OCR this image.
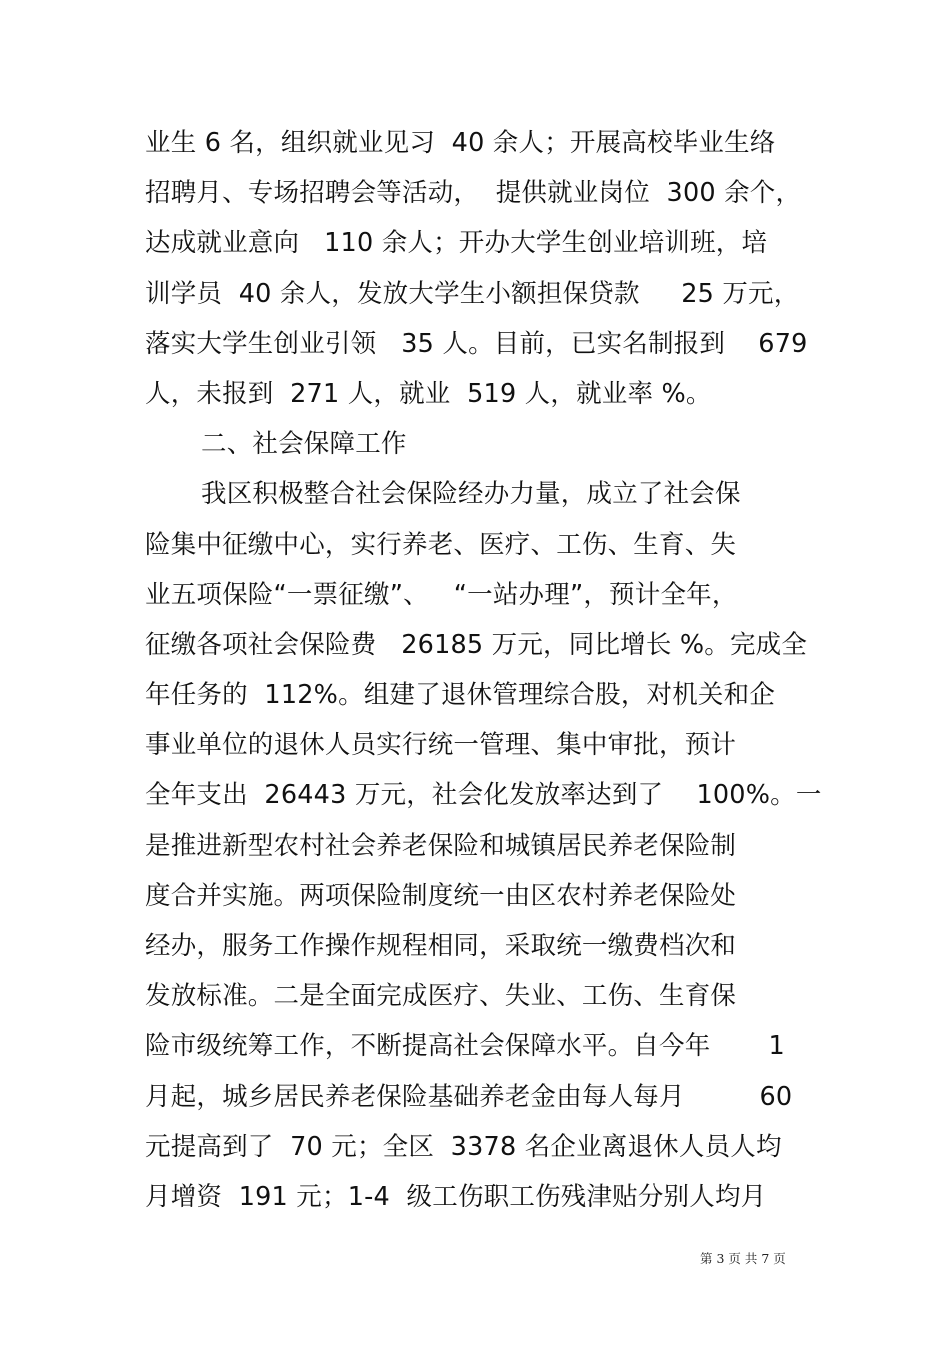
业生 6 名，组织就业见习  40 余人；开展高校毕业生络
招聘月、专场招聘会等活动，  提供就业岗位  300 余个，
达成就业意向   110 余人；开办大学生创业培训班，培
训学员  40 余人，发放大学生小额担保贷款     25 万元，
落实大学生创业引领   35 人。目前，已实名制报到    679
人，未报到  271 人，就业  519 人，就业率 %。
二、社会保障工作
我区积极整合社会保险经办力量，成立了社会保
险集中征缴中心，实行养老、医疗、工伤、生育、失
业五项保险“一票征缴”、   “一站办理”，预计全年，
征缴各项社会保险费   26185 万元，同比增长 %。完成全
年任务的  112%。组建了退休管理综合股，对机关和企
事业单位的退休人员实行统一管理、集中审批，预计
全年支出  26443 万元，社会化发放率达到了    100%。一
是推进新型农村社会养老保险和城镇居民养老保险制
度合并实施。两项保险制度统一由区农村养老保险处
经办，服务工作操作规程相同，采取统一缴费档次和
发放标准。二是全面完成医疗、失业、工伤、生育保
险市级统筹工作，不断提高社会保障水平。自今年       1
月起，城乡居民养老保险基础养老金由每人每月         60
元提高到了  70 元；全区  3378 名企业离退休人员人均
月增资  191 元；1-4  级工伤职工伤残津贴分别人均月
第 3 页 共 7 页
